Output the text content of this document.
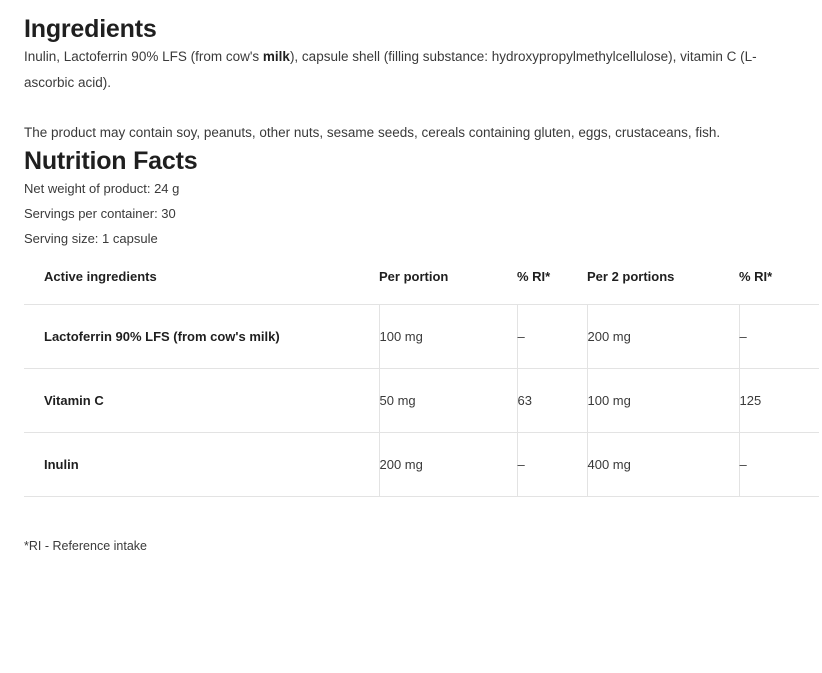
Ingredients

Inulin, Lactoferrin 90% LFS (from cow's milk), capsule shell (filling substance: hydroxypropylmethylcellulose), vitamin C (L-ascorbic acid).

The product may contain soy, peanuts, other nuts, sesame seeds, cereals containing gluten, eggs, crustaceans, fish.

Nutrition Facts
Net weight of product: 24 g
Servings per container: 30
Serving size: 1 capsule
Active ingredients	Per portion	% RI*	Per 2 portions	% RI*
Lactoferrin 90% LFS (from cow's milk)	100 mg	–	200 mg	–
Vitamin C	50 mg	63	100 mg	125
Inulin	200 mg	–	400 mg	–
*RI - Reference intake
